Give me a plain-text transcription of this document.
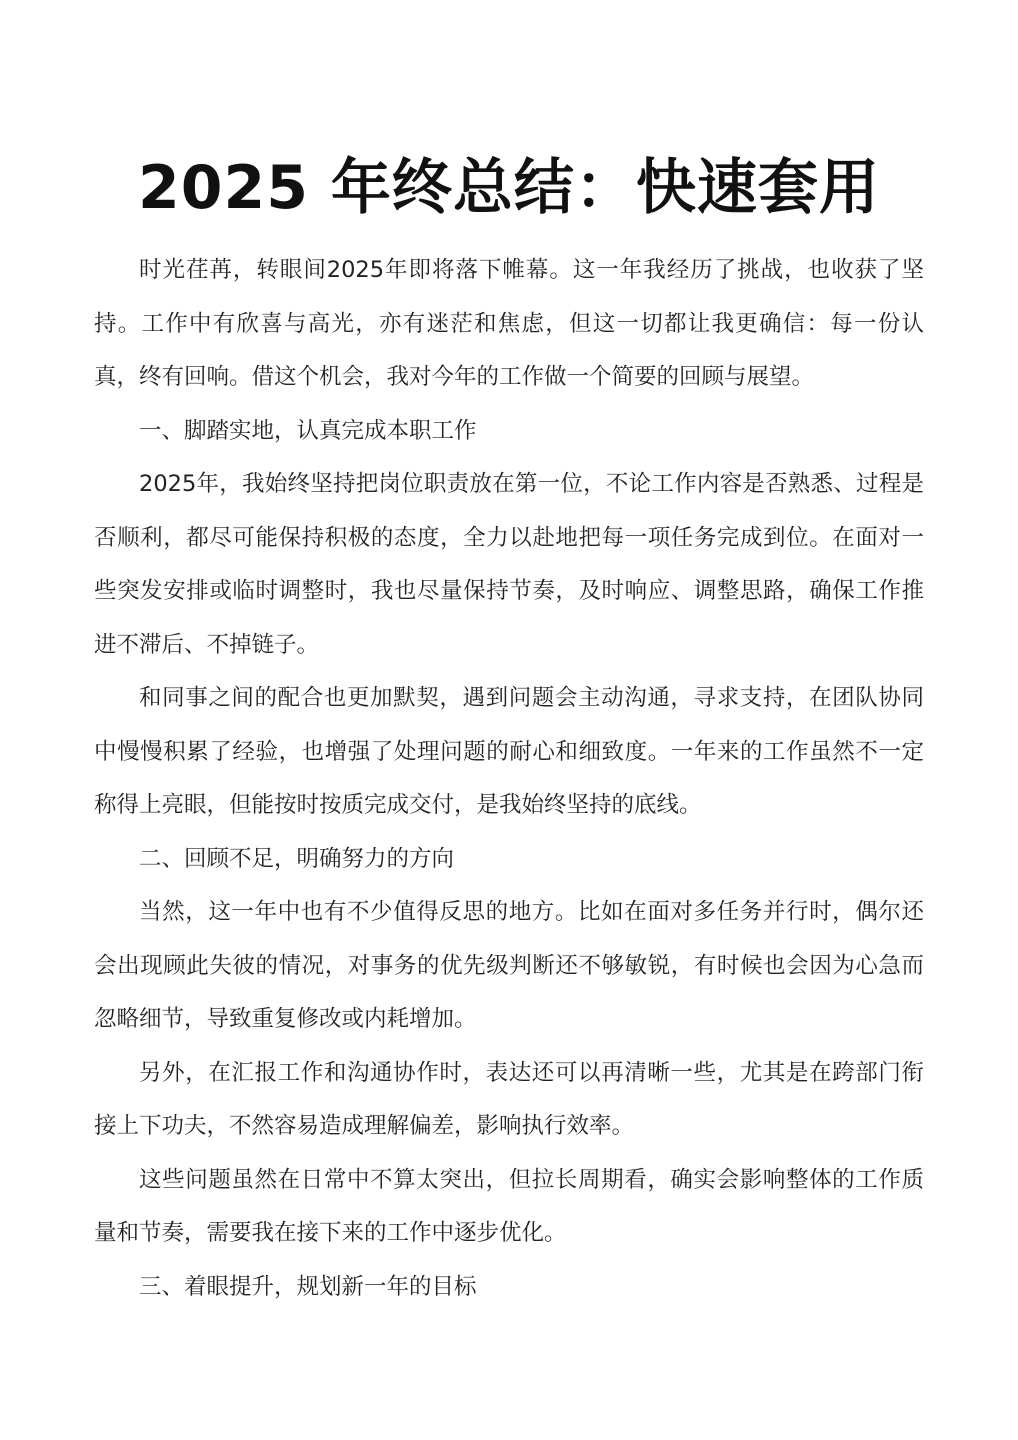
2025 年终总结：快速套用

时光荏苒，转眼间2025年即将落下帷幕。这一年我经历了挑战，也收获了坚持。工作中有欣喜与高光，亦有迷茫和焦虑，但这一切都让我更确信：每一份认真，终有回响。借这个机会，我对今年的工作做一个简要的回顾与展望。

一、脚踏实地，认真完成本职工作

2025年，我始终坚持把岗位职责放在第一位，不论工作内容是否熟悉、过程是否顺利，都尽可能保持积极的态度，全力以赴地把每一项任务完成到位。在面对一些突发安排或临时调整时，我也尽量保持节奏，及时响应、调整思路，确保工作推进不滞后、不掉链子。

和同事之间的配合也更加默契，遇到问题会主动沟通，寻求支持，在团队协同中慢慢积累了经验，也增强了处理问题的耐心和细致度。一年来的工作虽然不一定称得上亮眼，但能按时按质完成交付，是我始终坚持的底线。

二、回顾不足，明确努力的方向

当然，这一年中也有不少值得反思的地方。比如在面对多任务并行时，偶尔还会出现顾此失彼的情况，对事务的优先级判断还不够敏锐，有时候也会因为心急而忽略细节，导致重复修改或内耗增加。

另外，在汇报工作和沟通协作时，表达还可以再清晰一些，尤其是在跨部门衔接上下功夫，不然容易造成理解偏差，影响执行效率。

这些问题虽然在日常中不算太突出，但拉长周期看，确实会影响整体的工作质量和节奏，需要我在接下来的工作中逐步优化。

三、着眼提升，规划新一年的目标
